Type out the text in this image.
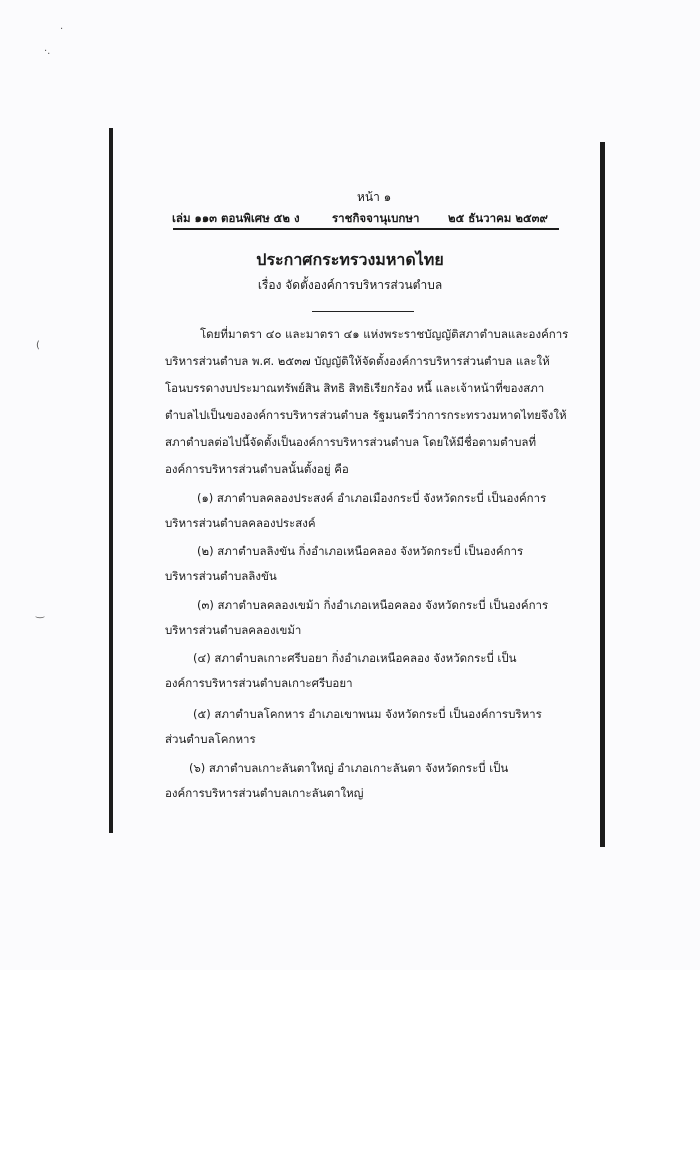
·
·.
(
‿
หน้า ๑
เล่ม ๑๑๓ ตอนพิเศษ ๕๒ ง	ราชกิจจานุเบกษา ๒๕ ธันวาคม ๒๕๓๙
ประกาศกระทรวงมหาดไทย
เรื่อง จัดตั้งองค์การบริหารส่วนตำบล
โดยที่มาตรา ๔๐ และมาตรา ๔๑ แห่งพระราชบัญญัติสภาตำบลและองค์การ
บริหารส่วนตำบล พ.ศ. ๒๕๓๗ บัญญัติให้จัดตั้งองค์การบริหารส่วนตำบล และให้
โอนบรรดางบประมาณทรัพย์สิน สิทธิ สิทธิเรียกร้อง หนี้ และเจ้าหน้าที่ของสภา
ตำบลไปเป็นขององค์การบริหารส่วนตำบล รัฐมนตรีว่าการกระทรวงมหาดไทยจึงให้
สภาตำบลต่อไปนี้จัดตั้งเป็นองค์การบริหารส่วนตำบล โดยให้มีชื่อตามตำบลที่
องค์การบริหารส่วนตำบลนั้นตั้งอยู่ คือ
(๑) สภาตำบลคลองประสงค์ อำเภอเมืองกระบี่ จังหวัดกระบี่ เป็นองค์การ
บริหารส่วนตำบลคลองประสงค์
(๒) สภาตำบลลิงขัน กิ่งอำเภอเหนือคลอง จังหวัดกระบี่ เป็นองค์การ
บริหารส่วนตำบลลิงขัน
(๓) สภาตำบลคลองเขม้า กิ่งอำเภอเหนือคลอง จังหวัดกระบี่ เป็นองค์การ
บริหารส่วนตำบลคลองเขม้า
(๔) สภาตำบลเกาะศรีบอยา กิ่งอำเภอเหนือคลอง จังหวัดกระบี่ เป็น
องค์การบริหารส่วนตำบลเกาะศรีบอยา
(๕) สภาตำบลโคกหาร อำเภอเขาพนม จังหวัดกระบี่ เป็นองค์การบริหาร
ส่วนตำบลโคกหาร
(๖) สภาตำบลเกาะลันตาใหญ่ อำเภอเกาะลันตา จังหวัดกระบี่ เป็น
องค์การบริหารส่วนตำบลเกาะลันตาใหญ่
